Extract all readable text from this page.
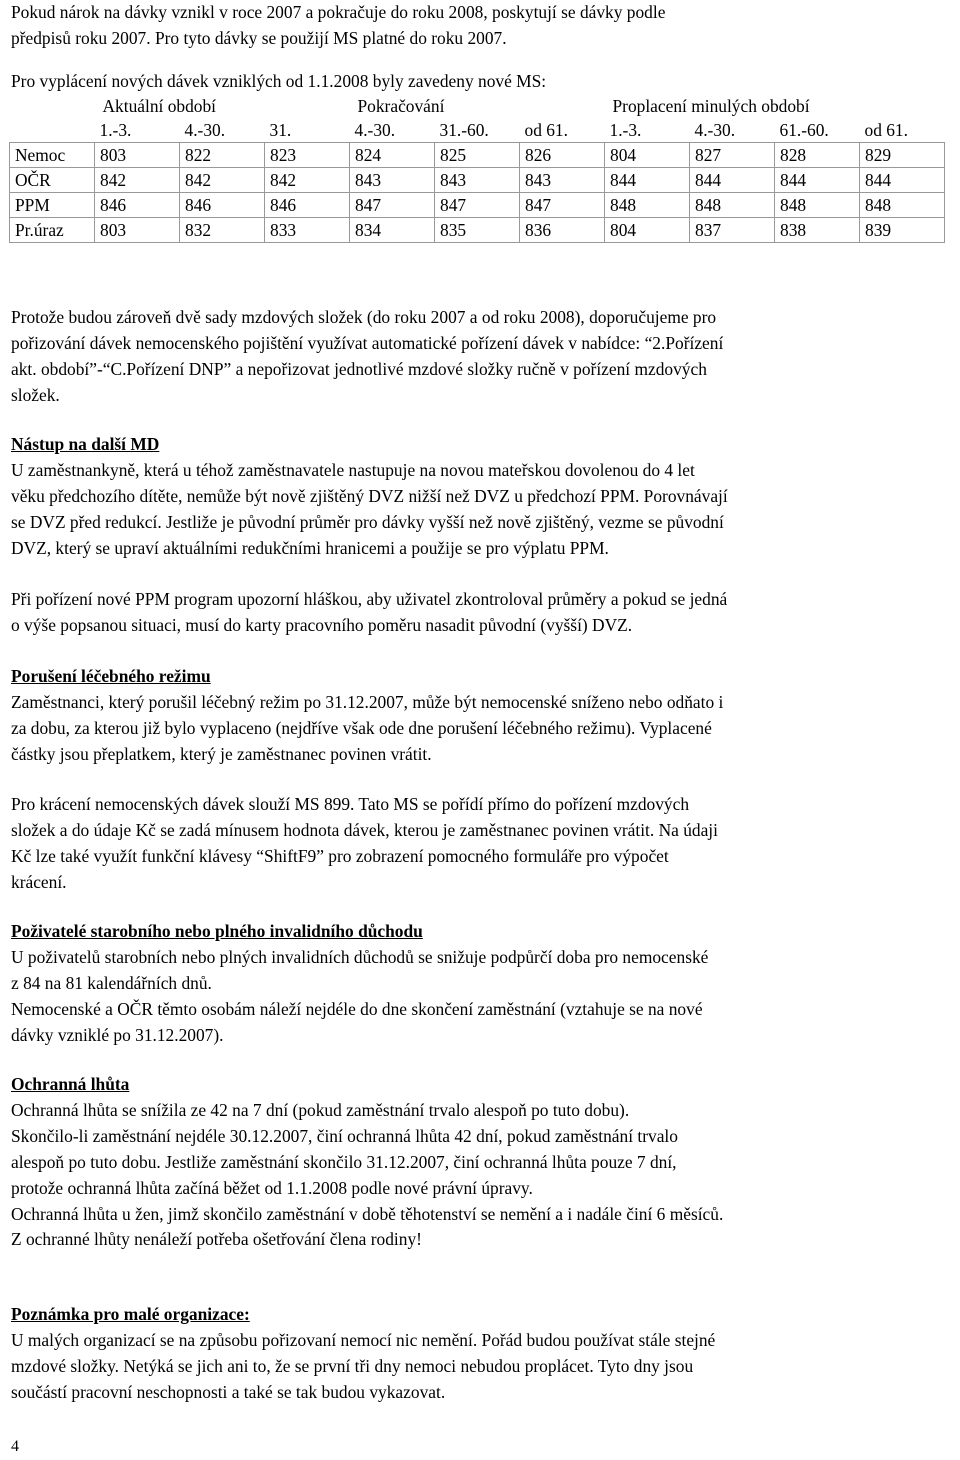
Pokud nárok na dávky vznikl v roce 2007 a pokračuje do roku 2008, poskytují se dávky podle
předpisů roku 2007. Pro tyto dávky se použijí MS platné do roku 2007.

Pro vyplácení nových dávek vzniklých od 1.1.2008 byly zavedeny nové MS:

	Aktuální období			Pokračování			Proplacení minulých období			
	1.-3.	4.-30.	31.	4.-30.	31.-60.	od 61.	1.-3.	4.-30.	61.-60.	od 61.
Nemoc	803	822	823	824	825	826	804	827	828	829
OČR	842	842	842	843	843	843	844	844	844	844
PPM	846	846	846	847	847	847	848	848	848	848
Pr.úraz	803	832	833	834	835	836	804	837	838	839

Protože budou zároveň dvě sady mzdových složek (do roku 2007 a od roku 2008), doporučujeme pro
pořizování dávek nemocenského pojištění využívat automatické pořízení dávek v nabídce: “2.Pořízení
akt. období”-“C.Pořízení DNP” a nepořizovat jednotlivé mzdové složky ručně v pořízení mzdových
složek.

Nástup na další MD
U zaměstnankyně, která u téhož zaměstnavatele nastupuje na novou mateřskou dovolenou do 4 let
věku předchozího dítěte, nemůže být nově zjištěný DVZ nižší než DVZ u předchozí PPM. Porovnávají
se DVZ před redukcí. Jestliže je původní průměr pro dávky vyšší než nově zjištěný, vezme se původní
DVZ, který se upraví aktuálními redukčními hranicemi a použije se pro výplatu PPM.

Při pořízení nové PPM program upozorní hláškou, aby uživatel zkontroloval průměry a pokud se jedná
o výše popsanou situaci, musí do karty pracovního poměru nasadit původní (vyšší) DVZ.

Porušení léčebného režimu
Zaměstnanci, který porušil léčebný režim po 31.12.2007, může být nemocenské sníženo nebo odňato i
za dobu, za kterou již bylo vyplaceno (nejdříve však ode dne porušení léčebného režimu). Vyplacené
částky jsou přeplatkem, který je zaměstnanec povinen vrátit.

Pro krácení nemocenských dávek slouží MS 899. Tato MS se pořídí přímo do pořízení mzdových
složek a do údaje Kč se zadá mínusem hodnota dávek, kterou je zaměstnanec povinen vrátit. Na údaji
Kč lze také využít funkční klávesy “ShiftF9” pro zobrazení pomocného formuláře pro výpočet
krácení.

Poživatelé starobního nebo plného invalidního důchodu
U poživatelů starobních nebo plných invalidních důchodů se snižuje podpůrčí doba pro nemocenské
z 84 na 81 kalendářních dnů.
Nemocenské a OČR těmto osobám náleží nejdéle do dne skončení zaměstnání (vztahuje se na nové
dávky vzniklé po 31.12.2007).
Ochranná lhůta
Ochranná lhůta se snížila ze 42 na 7 dní (pokud zaměstnání trvalo alespoň po tuto dobu).
Skončilo-li zaměstnání nejdéle 30.12.2007, činí ochranná lhůta 42 dní, pokud zaměstnání trvalo
alespoň po tuto dobu. Jestliže zaměstnání skončilo 31.12.2007, činí ochranná lhůta pouze 7 dní,
protože ochranná lhůta začíná běžet od 1.1.2008 podle nové právní úpravy.
Ochranná lhůta u žen, jimž skončilo zaměstnání v době těhotenství se nemění a i nadále činí 6 měsíců.
Z ochranné lhůty nenáleží potřeba ošetřování člena rodiny!
Poznámka pro malé organizace:
U malých organizací se na způsobu pořizovaní nemocí nic nemění. Pořád budou používat stále stejné
mzdové složky. Netýká se jich ani to, že se první tři dny nemoci nebudou proplácet. Tyto dny jsou
součástí pracovní neschopnosti a také se tak budou vykazovat.
4
